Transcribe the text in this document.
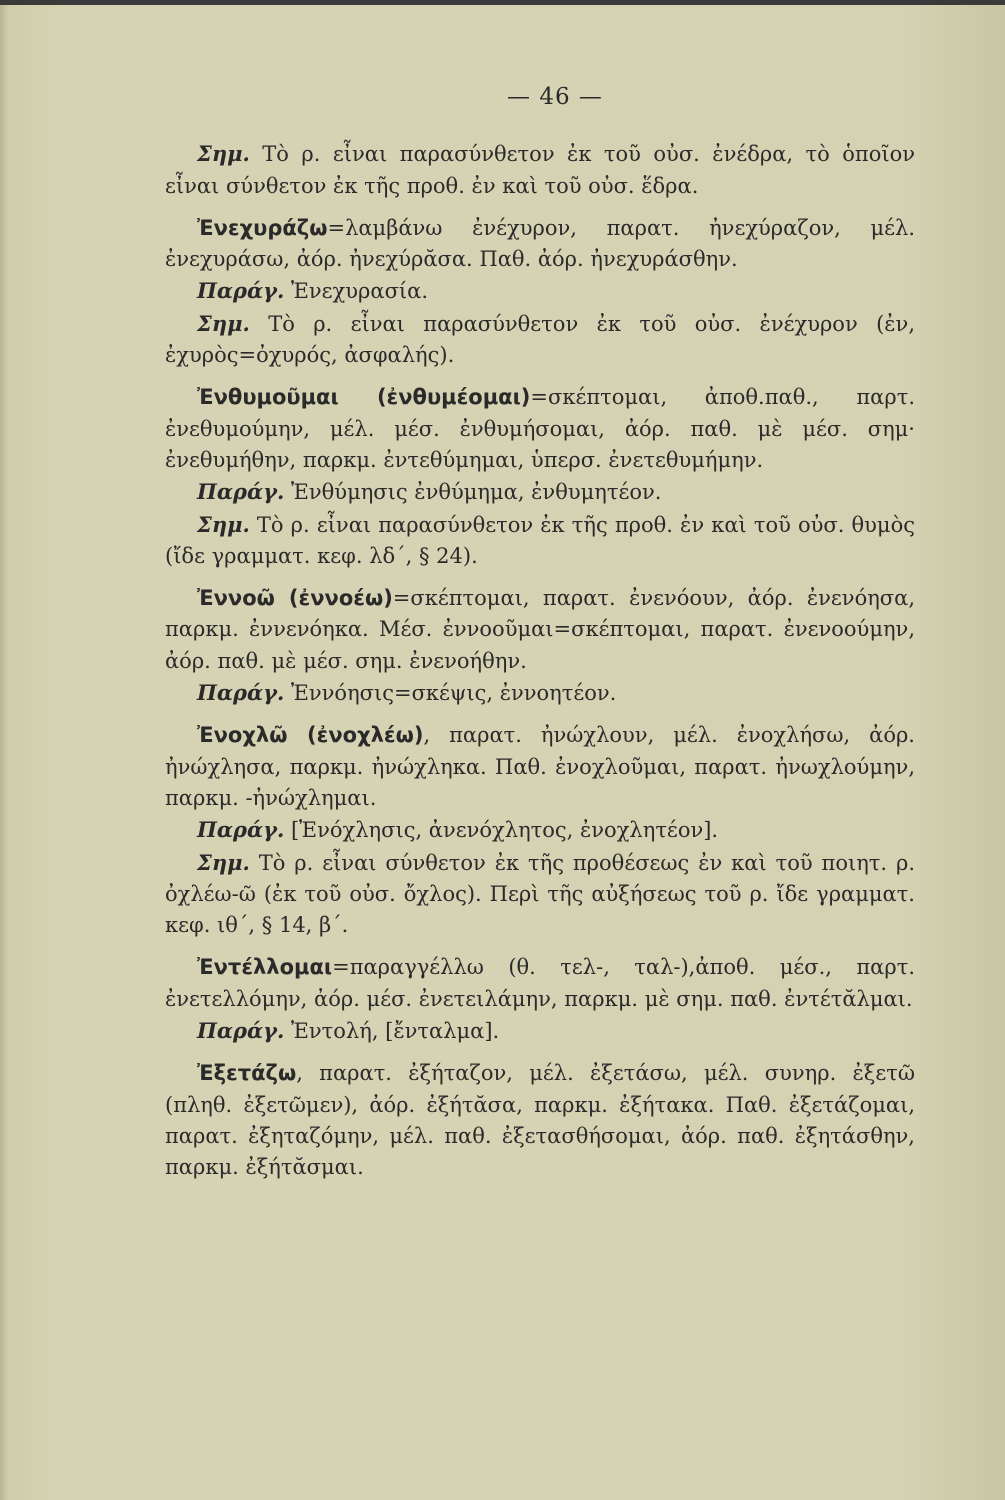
— 46 —

Σημ. Τὸ ρ. εἶναι παρασύνθετον ἐκ τοῦ οὐσ. ἐνέδρα, τὸ ὁποῖον εἶναι σύνθετον ἐκ τῆς προθ. ἐν καὶ τοῦ οὐσ. ἕδρα.

Ἐνεχυράζω=λαμβάνω ἐνέχυρον, παρατ. ἠνεχύραζον, μέλ. ἐνεχυράσω, ἀόρ. ἠνεχύρᾰσα. Παθ. ἀόρ. ἠνεχυράσθην.

Παράγ. Ἐνεχυρασία.

Σημ. Τὸ ρ. εἶναι παρασύνθετον ἐκ τοῦ οὐσ. ἐνέχυρον (ἐν, ἐχυρὸς=ὀχυρός, ἀσφαλής).

Ἐνθυμοῦμαι (ἐνθυμέομαι)=σκέπτομαι, ἀποθ.παθ., παρτ. ἐνεθυμούμην, μέλ. μέσ. ἐνθυμήσομαι, ἀόρ. παθ. μὲ μέσ. σημ· ἐνεθυμήθην, παρκμ. ἐντεθύμημαι, ὑπερσ. ἐνετεθυμήμην.

Παράγ. Ἐνθύμησις ἐνθύμημα, ἐνθυμητέον.

Σημ. Τὸ ρ. εἶναι παρασύνθετον ἐκ τῆς προθ. ἐν καὶ τοῦ οὐσ. θυμὸς (ἴδε γραμματ. κεφ. λδ΄, § 24).

Ἐννοῶ (ἐννοέω)=σκέπτομαι, παρατ. ἐνενόουν, ἀόρ. ἐνενόησα, παρκμ. ἐννενόηκα. Μέσ. ἐννοοῦμαι=σκέπτομαι, παρατ. ἐνενοούμην, ἀόρ. παθ. μὲ μέσ. σημ. ἐνενοήθην.

Παράγ. Ἐννόησις=σκέψις, ἐννοητέον.

Ἐνοχλῶ (ἐνοχλέω), παρατ. ἠνώχλουν, μέλ. ἐνοχλήσω, ἀόρ. ἠνώχλησα, παρκμ. ἠνώχληκα. Παθ. ἐνοχλοῦμαι, παρατ. ἠνωχλούμην, παρκμ. -ἠνώχλημαι.

Παράγ. [Ἐνόχλησις, ἀνενόχλητος, ἐνοχλητέον].

Σημ. Τὸ ρ. εἶναι σύνθετον ἐκ τῆς προθέσεως ἐν καὶ τοῦ ποιητ. ρ. ὀχλέω-ῶ (ἐκ τοῦ οὐσ. ὄχλος). Περὶ τῆς αὐξήσεως τοῦ ρ. ἴδε γραμματ. κεφ. ιθ΄, § 14, β΄.

Ἐντέλλομαι=παραγγέλλω (θ. τελ-, ταλ-),ἀποθ. μέσ., παρτ. ἐνετελλόμην, ἀόρ. μέσ. ἐνετειλάμην, παρκμ. μὲ σημ. παθ. ἐντέτᾰλμαι.

Παράγ. Ἐντολή, [ἔνταλμα].

Ἐξετάζω, παρατ. ἐξήταζον, μέλ. ἐξετάσω, μέλ. συνηρ. ἐξετῶ (πληθ. ἐξετῶμεν), ἀόρ. ἐξήτᾰσα, παρκμ. ἐξήτακα. Παθ. ἐξετάζομαι, παρατ. ἐξηταζόμην, μέλ. παθ. ἐξετασθήσομαι, ἀόρ. παθ. ἐξητάσθην, παρκμ. ἐξήτᾰσμαι.
